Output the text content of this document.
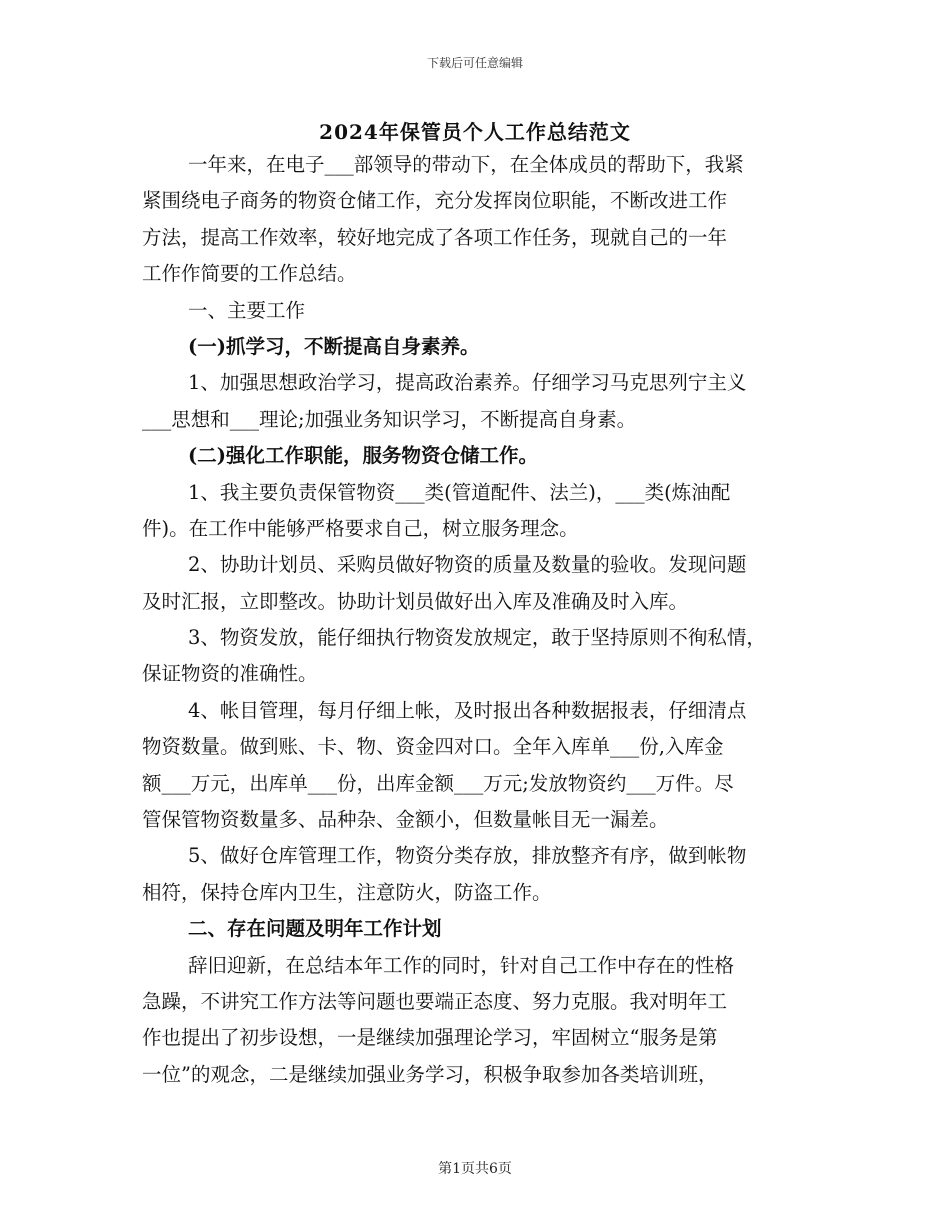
下载后可任意编辑
2024年保管员个人工作总结范文
一年来，在电子___部领导的带动下，在全体成员的帮助下，我紧
紧围绕电子商务的物资仓储工作，充分发挥岗位职能，不断改进工作
方法，提高工作效率，较好地完成了各项工作任务，现就自己的一年
工作作简要的工作总结。
一、主要工作
(一)抓学习，不断提高自身素养。
1、加强思想政治学习，提高政治素养。仔细学习马克思列宁主义
___思想和___理论;加强业务知识学习，不断提高自身素。
(二)强化工作职能，服务物资仓储工作。
1、我主要负责保管物资___类(管道配件、法兰)，___类(炼油配
件)。在工作中能够严格要求自己，树立服务理念。
2、协助计划员、采购员做好物资的质量及数量的验收。发现问题
及时汇报，立即整改。协助计划员做好出入库及准确及时入库。
3、物资发放，能仔细执行物资发放规定，敢于坚持原则不徇私情，
保证物资的准确性。
4、帐目管理，每月仔细上帐，及时报出各种数据报表，仔细清点
物资数量。做到账、卡、物、资金四对口。全年入库单___份,入库金
额___万元，出库单___份，出库金额___万元;发放物资约___万件。尽
管保管物资数量多、品种杂、金额小，但数量帐目无一漏差。
5、做好仓库管理工作，物资分类存放，排放整齐有序，做到帐物
相符，保持仓库内卫生，注意防火，防盗工作。
二、存在问题及明年工作计划
辞旧迎新，在总结本年工作的同时，针对自己工作中存在的性格
急躁，不讲究工作方法等问题也要端正态度、努力克服。我对明年工
作也提出了初步设想，一是继续加强理论学习，牢固树立“服务是第
一位”的观念，二是继续加强业务学习，积极争取参加各类培训班，
第1页共6页
